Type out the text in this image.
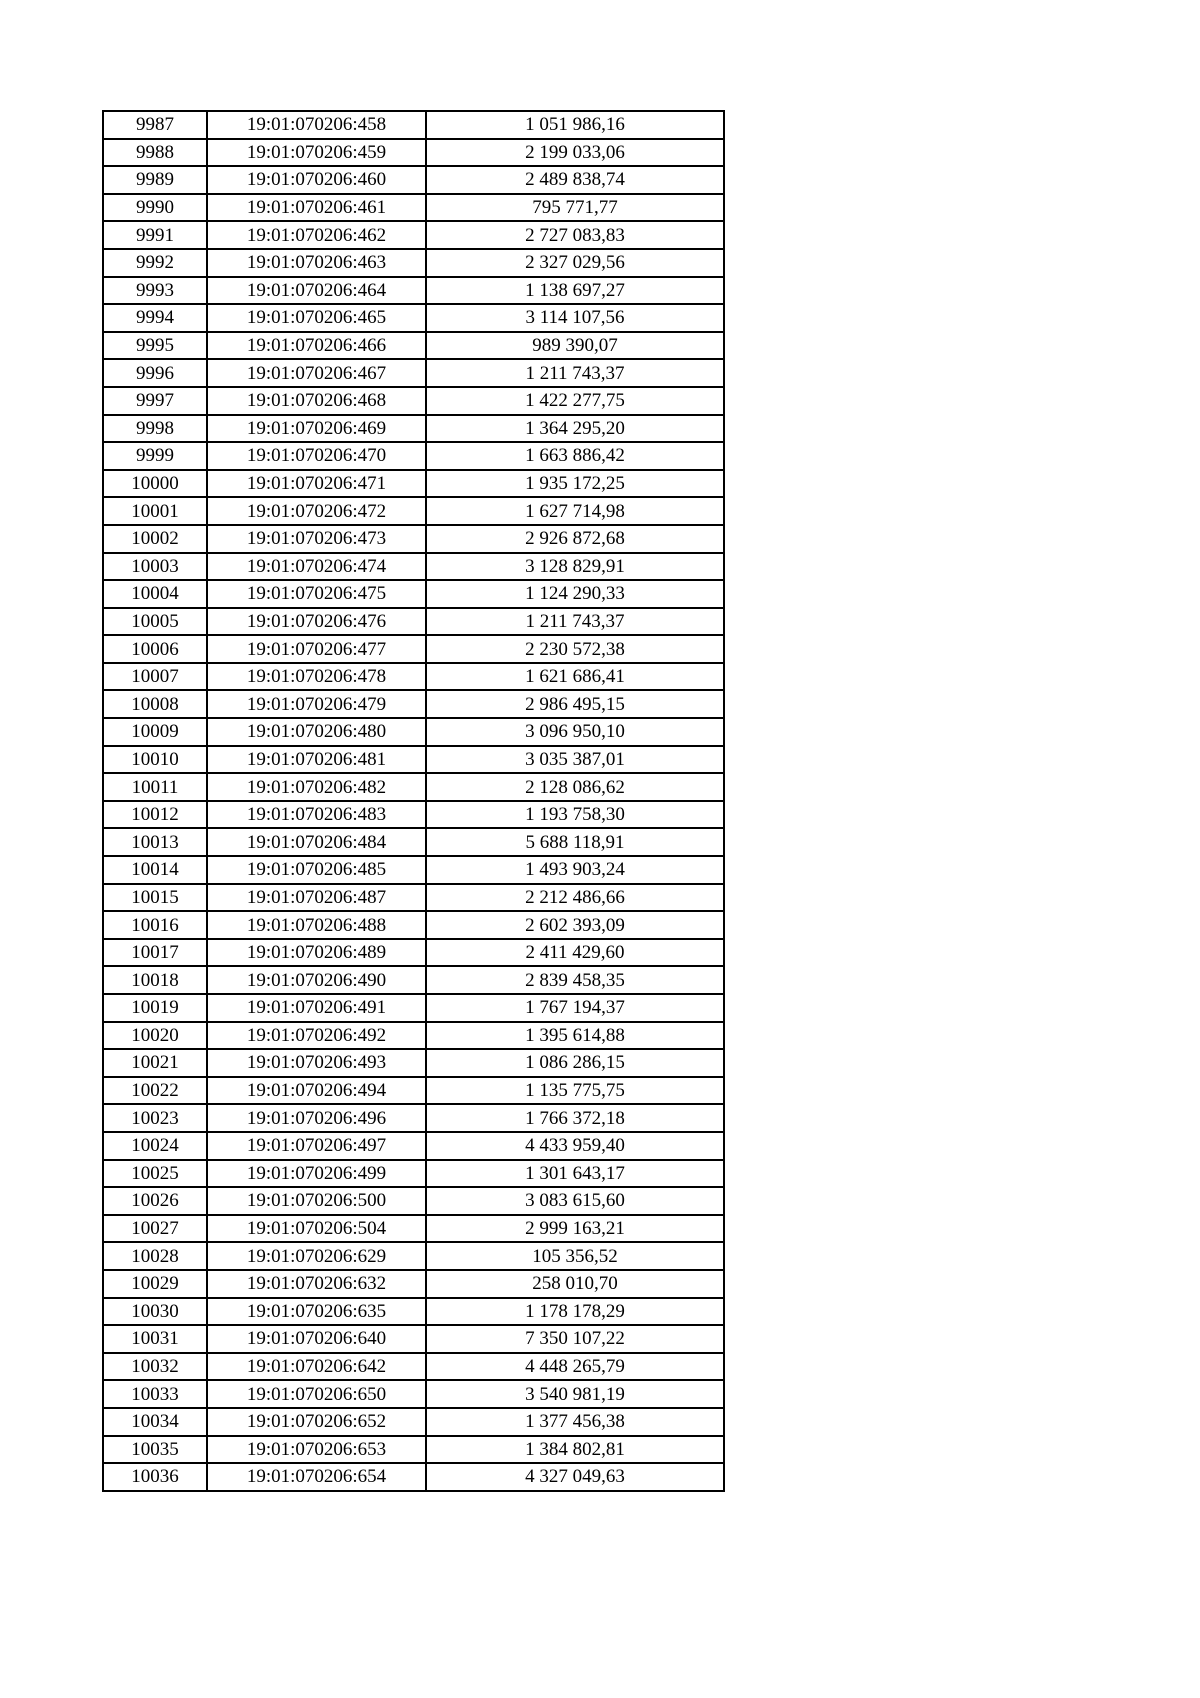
9987	19:01:070206:458	1 051 986,16
9988	19:01:070206:459	2 199 033,06
9989	19:01:070206:460	2 489 838,74
9990	19:01:070206:461	795 771,77
9991	19:01:070206:462	2 727 083,83
9992	19:01:070206:463	2 327 029,56
9993	19:01:070206:464	1 138 697,27
9994	19:01:070206:465	3 114 107,56
9995	19:01:070206:466	989 390,07
9996	19:01:070206:467	1 211 743,37
9997	19:01:070206:468	1 422 277,75
9998	19:01:070206:469	1 364 295,20
9999	19:01:070206:470	1 663 886,42
10000	19:01:070206:471	1 935 172,25
10001	19:01:070206:472	1 627 714,98
10002	19:01:070206:473	2 926 872,68
10003	19:01:070206:474	3 128 829,91
10004	19:01:070206:475	1 124 290,33
10005	19:01:070206:476	1 211 743,37
10006	19:01:070206:477	2 230 572,38
10007	19:01:070206:478	1 621 686,41
10008	19:01:070206:479	2 986 495,15
10009	19:01:070206:480	3 096 950,10
10010	19:01:070206:481	3 035 387,01
10011	19:01:070206:482	2 128 086,62
10012	19:01:070206:483	1 193 758,30
10013	19:01:070206:484	5 688 118,91
10014	19:01:070206:485	1 493 903,24
10015	19:01:070206:487	2 212 486,66
10016	19:01:070206:488	2 602 393,09
10017	19:01:070206:489	2 411 429,60
10018	19:01:070206:490	2 839 458,35
10019	19:01:070206:491	1 767 194,37
10020	19:01:070206:492	1 395 614,88
10021	19:01:070206:493	1 086 286,15
10022	19:01:070206:494	1 135 775,75
10023	19:01:070206:496	1 766 372,18
10024	19:01:070206:497	4 433 959,40
10025	19:01:070206:499	1 301 643,17
10026	19:01:070206:500	3 083 615,60
10027	19:01:070206:504	2 999 163,21
10028	19:01:070206:629	105 356,52
10029	19:01:070206:632	258 010,70
10030	19:01:070206:635	1 178 178,29
10031	19:01:070206:640	7 350 107,22
10032	19:01:070206:642	4 448 265,79
10033	19:01:070206:650	3 540 981,19
10034	19:01:070206:652	1 377 456,38
10035	19:01:070206:653	1 384 802,81
10036	19:01:070206:654	4 327 049,63
